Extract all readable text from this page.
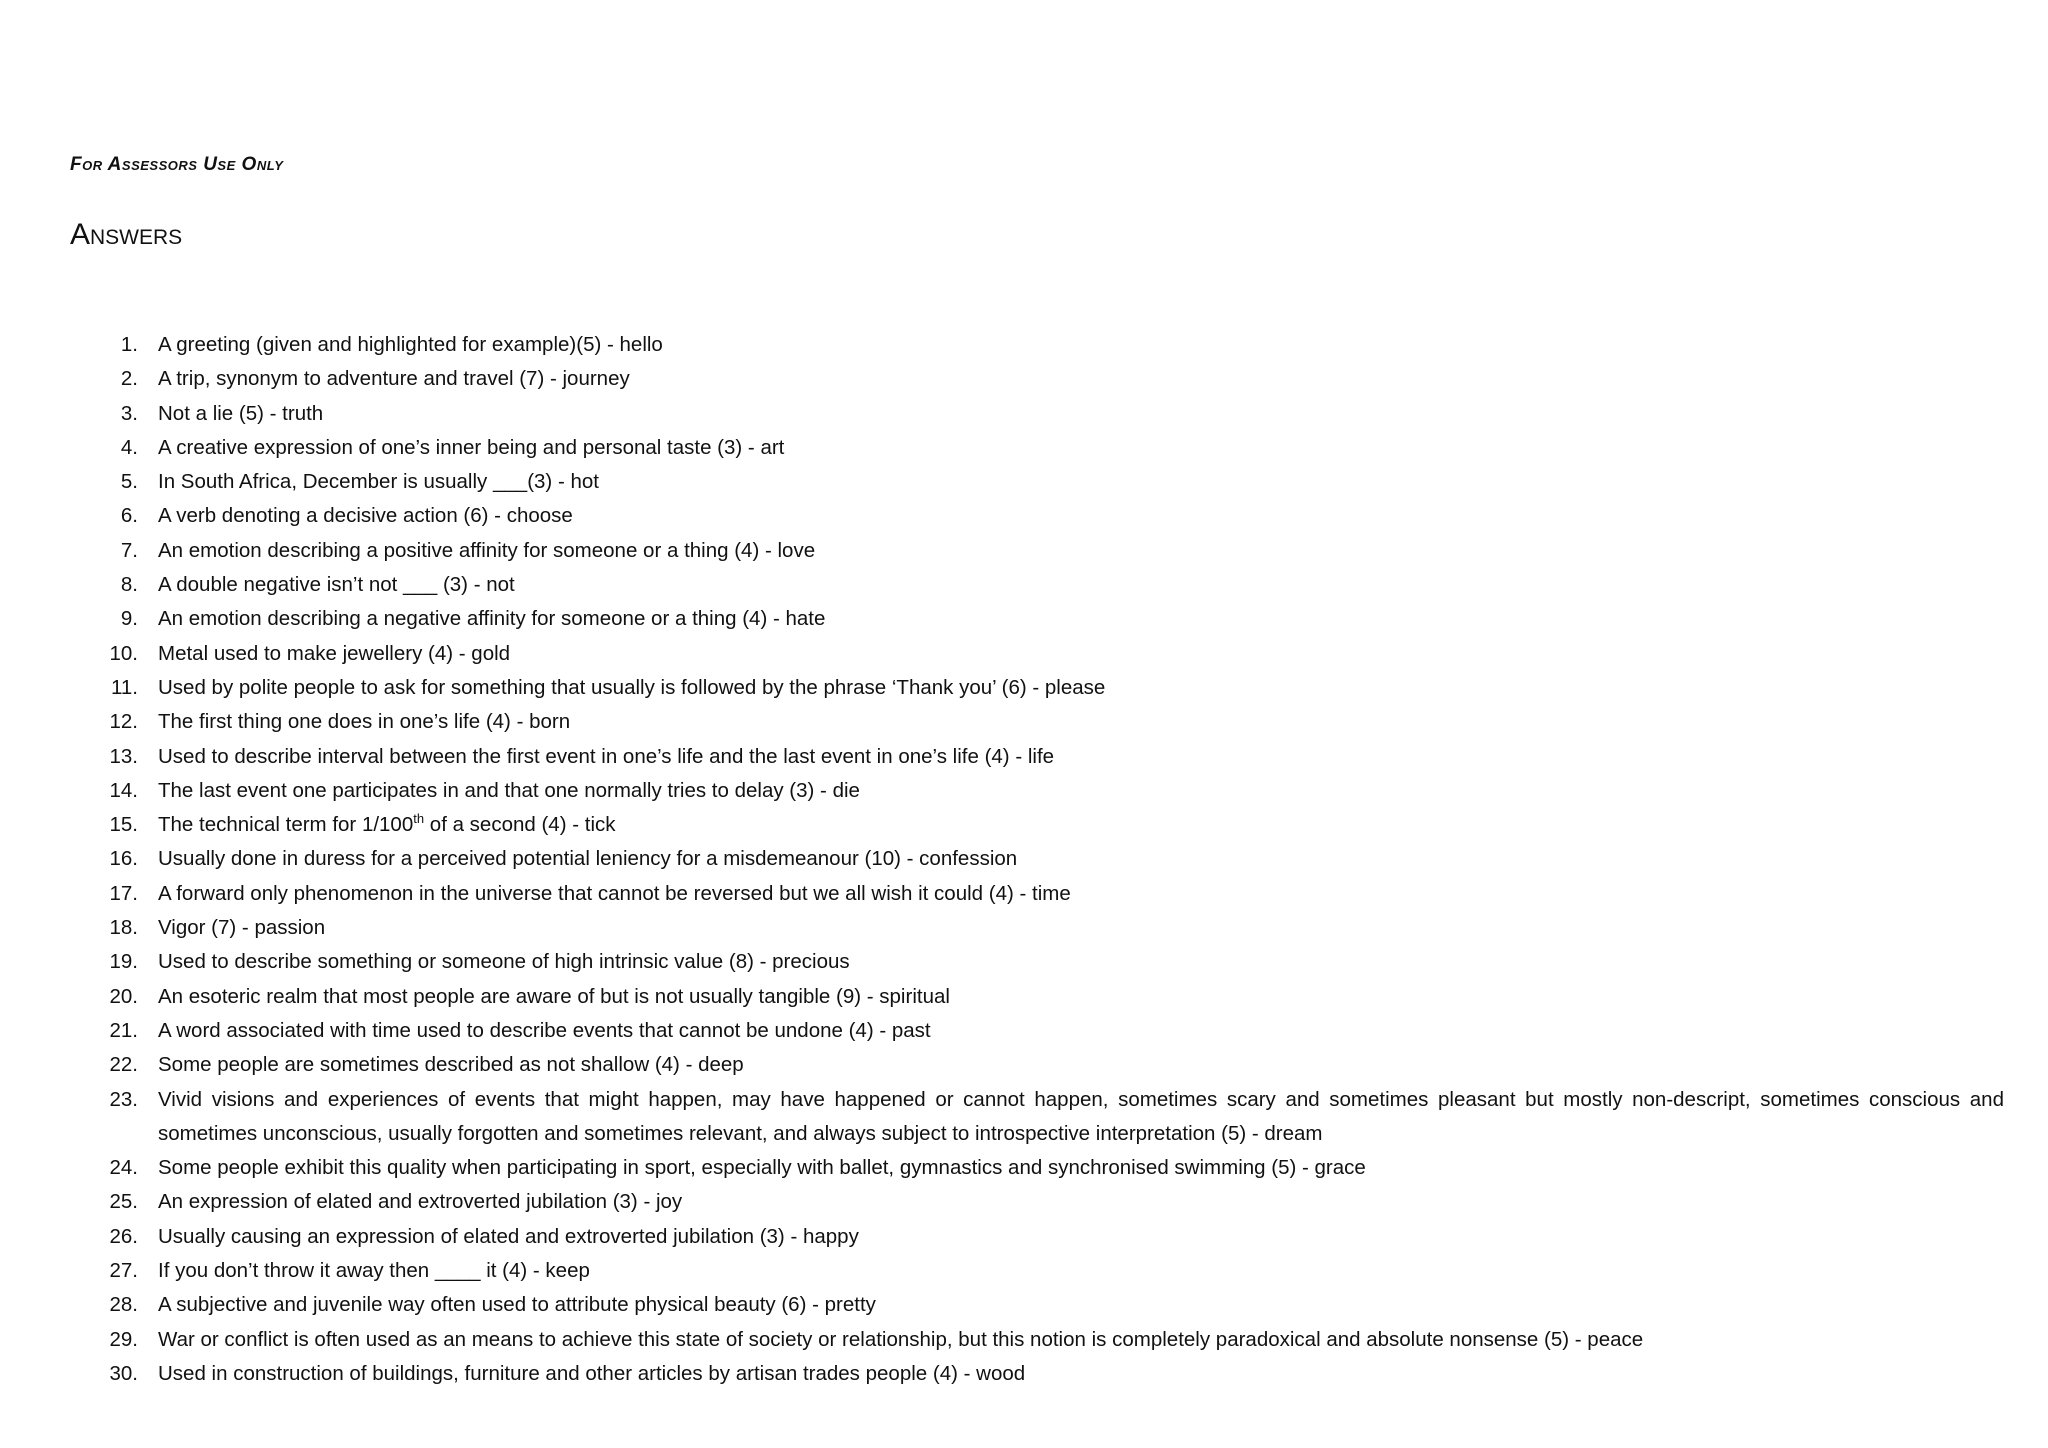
For Assessors Use Only
Answers
1. A greeting (given and highlighted for example)(5) - hello
2. A trip, synonym to adventure and travel (7) - journey
3. Not a lie (5) - truth
4. A creative expression of one’s inner being and personal taste (3) - art
5. In South Africa, December is usually ___(3) - hot
6. A verb denoting a decisive action (6) - choose
7. An emotion describing a positive affinity for someone or a thing (4) - love
8. A double negative isn’t not ___ (3) - not
9. An emotion describing a negative affinity for someone or a thing (4) - hate
10. Metal used to make jewellery (4) - gold
11. Used by polite people to ask for something that usually is followed by the phrase ‘Thank you’ (6) - please
12. The first thing one does in one’s life (4) - born
13. Used to describe interval between the first event in one’s life and the last event in one’s life (4) - life
14. The last event one participates in and that one normally tries to delay (3) - die
15. The technical term for 1/100th of a second (4) - tick
16. Usually done in duress for a perceived potential leniency for a misdemeanour (10) - confession
17. A forward only phenomenon in the universe that cannot be reversed but we all wish it could (4) - time
18. Vigor (7) - passion
19. Used to describe something or someone of high intrinsic value (8) - precious
20. An esoteric realm that most people are aware of but is not usually tangible (9) - spiritual
21. A word associated with time used to describe events that cannot be undone (4) - past
22. Some people are sometimes described as not shallow (4) - deep
23. Vivid visions and experiences of events that might happen, may have happened or cannot happen, sometimes scary and sometimes pleasant but mostly non-descript, sometimes conscious and sometimes unconscious, usually forgotten and sometimes relevant, and always subject to introspective interpretation (5) - dream
24. Some people exhibit this quality when participating in sport, especially with ballet, gymnastics and synchronised swimming (5) - grace
25. An expression of elated and extroverted jubilation (3) - joy
26. Usually causing an expression of elated and extroverted jubilation (3) - happy
27. If you don’t throw it away then ____ it (4) - keep
28. A subjective and juvenile way often used to attribute physical beauty (6) - pretty
29. War or conflict is often used as an means to achieve this state of society or relationship, but this notion is completely paradoxical and absolute nonsense (5) - peace
30. Used in construction of buildings, furniture and other articles by artisan trades people (4) - wood
